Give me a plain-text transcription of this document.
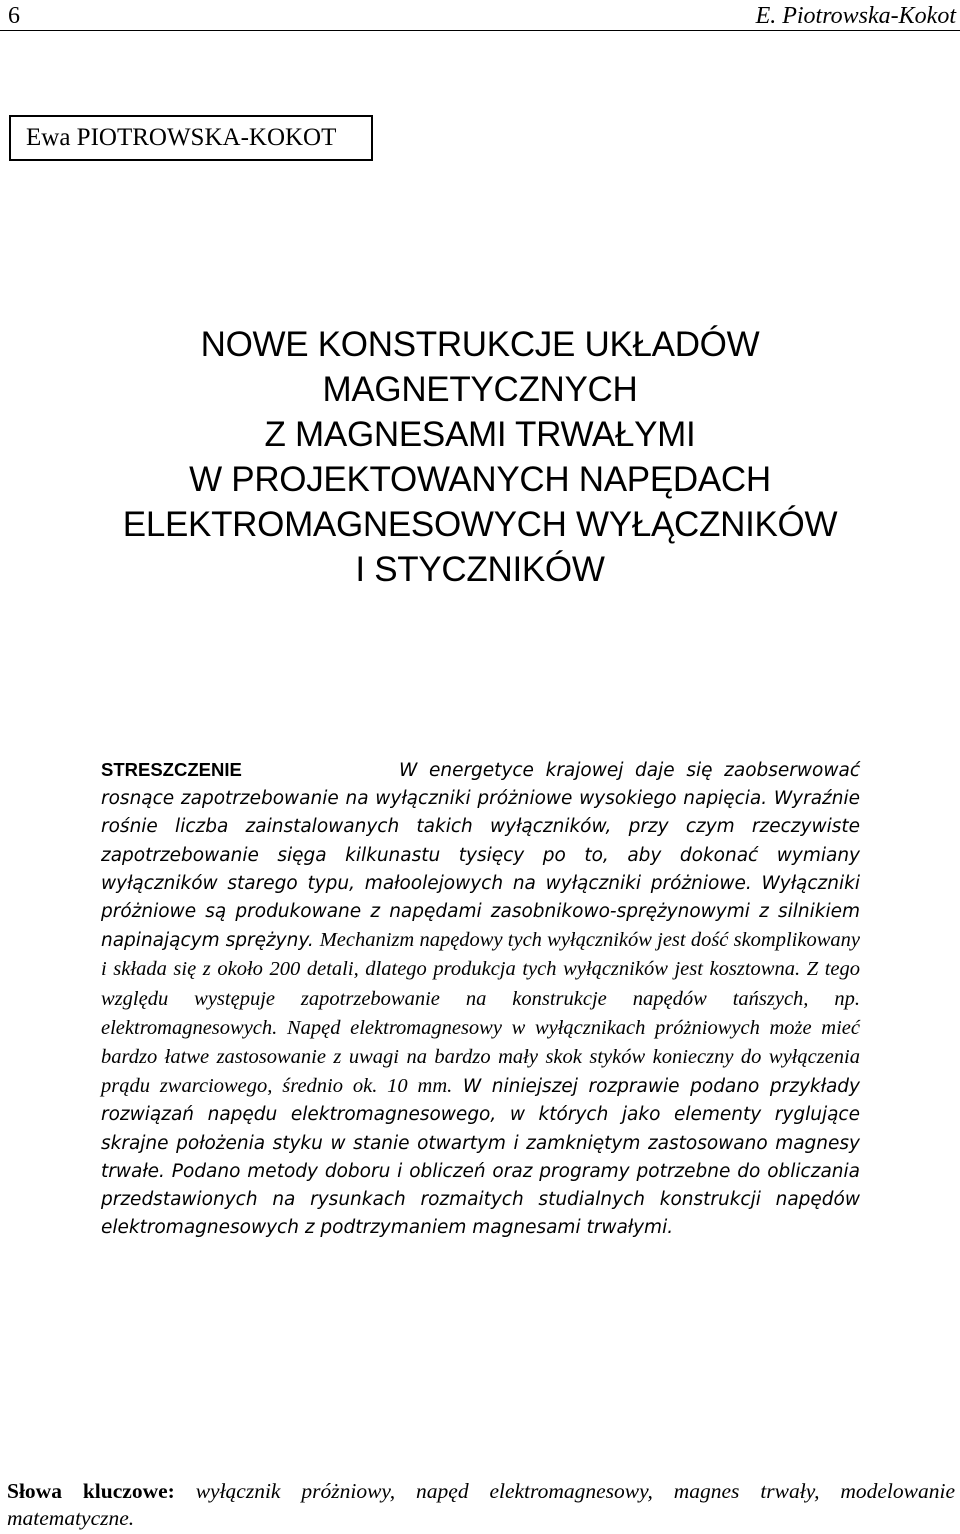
6	E. Piotrowska-Kokot
Ewa PIOTROWSKA-KOKOT
NOWE KONSTRUKCJE UKŁADÓW
MAGNETYCZNYCH
Z MAGNESAMI TRWAŁYMI
W PROJEKTOWANYCH NAPĘDACH
ELEKTROMAGNESOWYCH WYŁĄCZNIKÓW
I STYCZNIKÓW
STRESZCZENIE	W energetyce krajowej daje się zaobserwować rosnące zapotrzebowanie na wyłączniki próżniowe wysokiego napięcia. Wyraźnie rośnie liczba zainstalowanych takich wyłączników, przy czym rzeczywiste zapotrzebowanie sięga kilkunastu tysięcy po to, aby dokonać wymiany wyłączników starego typu, małoolejowych na wyłączniki próżniowe. Wyłączniki próżniowe są produkowane z napędami zasobnikowo-sprężynowymi z silnikiem napinającym sprężyny. Mechanizm napędowy tych wyłączników jest dość skomplikowany i składa się z około 200 detali, dlatego produkcja tych wyłączników jest kosztowna. Z tego względu występuje zapotrzebowanie na konstrukcje napędów tańszych, np. elektromagnesowych. Napęd elektromagnesowy w wyłącznikach próżniowych może mieć bardzo łatwe zastosowanie z uwagi na bardzo mały skok styków konieczny do wyłączenia prądu zwarciowego, średnio ok. 10 mm. W niniejszej rozprawie podano przykłady rozwiązań napędu elektromagnesowego, w których jako elementy ryglujące skrajne położenia styku w stanie otwartym i zamkniętym zastosowano magnesy trwałe. Podano metody doboru i obliczeń oraz programy potrzebne do obliczania przedstawionych na rysunkach rozmaitych studialnych konstrukcji napędów elektromagnesowych z podtrzymaniem magnesami trwałymi.
Słowa kluczowe: wyłącznik próżniowy, napęd elektromagnesowy, magnes trwały, modelowanie matematyczne.
